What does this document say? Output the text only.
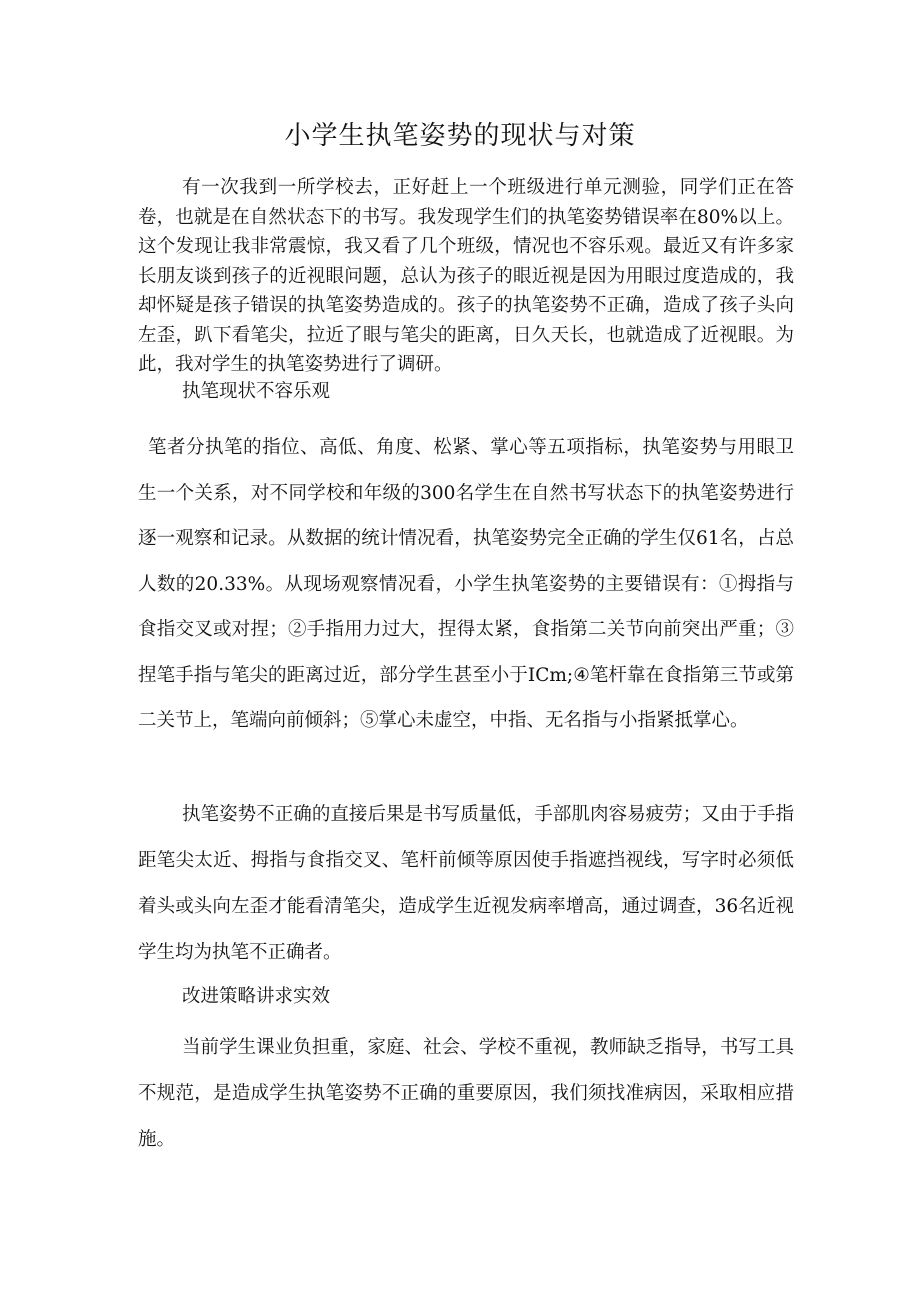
小学生执笔姿势的现状与对策

有一次我到一所学校去，正好赶上一个班级进行单元测验，同学们正在答卷，也就是在自然状态下的书写。我发现学生们的执笔姿势错误率在80%以上。这个发现让我非常震惊，我又看了几个班级，情况也不容乐观。最近又有许多家长朋友谈到孩子的近视眼问题，总认为孩子的眼近视是因为用眼过度造成的，我却怀疑是孩子错误的执笔姿势造成的。孩子的执笔姿势不正确，造成了孩子头向左歪，趴下看笔尖，拉近了眼与笔尖的距离，日久天长，也就造成了近视眼。为此，我对学生的执笔姿势进行了调研。

执笔现状不容乐观

笔者分执笔的指位、高低、角度、松紧、掌心等五项指标，执笔姿势与用眼卫生一个关系，对不同学校和年级的300名学生在自然书写状态下的执笔姿势进行逐一观察和记录。从数据的统计情况看，执笔姿势完全正确的学生仅61名，占总人数的20.33%。从现场观察情况看，小学生执笔姿势的主要错误有：①拇指与食指交叉或对捏；②手指用力过大，捏得太紧，食指第二关节向前突出严重；③捏笔手指与笔尖的距离过近，部分学生甚至小于ICm;④笔杆靠在食指第三节或第二关节上，笔端向前倾斜；⑤掌心未虚空，中指、无名指与小指紧抵掌心。

执笔姿势不正确的直接后果是书写质量低，手部肌肉容易疲劳；又由于手指距笔尖太近、拇指与食指交叉、笔杆前倾等原因使手指遮挡视线，写字时必须低着头或头向左歪才能看清笔尖，造成学生近视发病率增高，通过调查，36名近视学生均为执笔不正确者。

改进策略讲求实效

当前学生课业负担重，家庭、社会、学校不重视，教师缺乏指导，书写工具不规范，是造成学生执笔姿势不正确的重要原因，我们须找准病因，采取相应措施。
